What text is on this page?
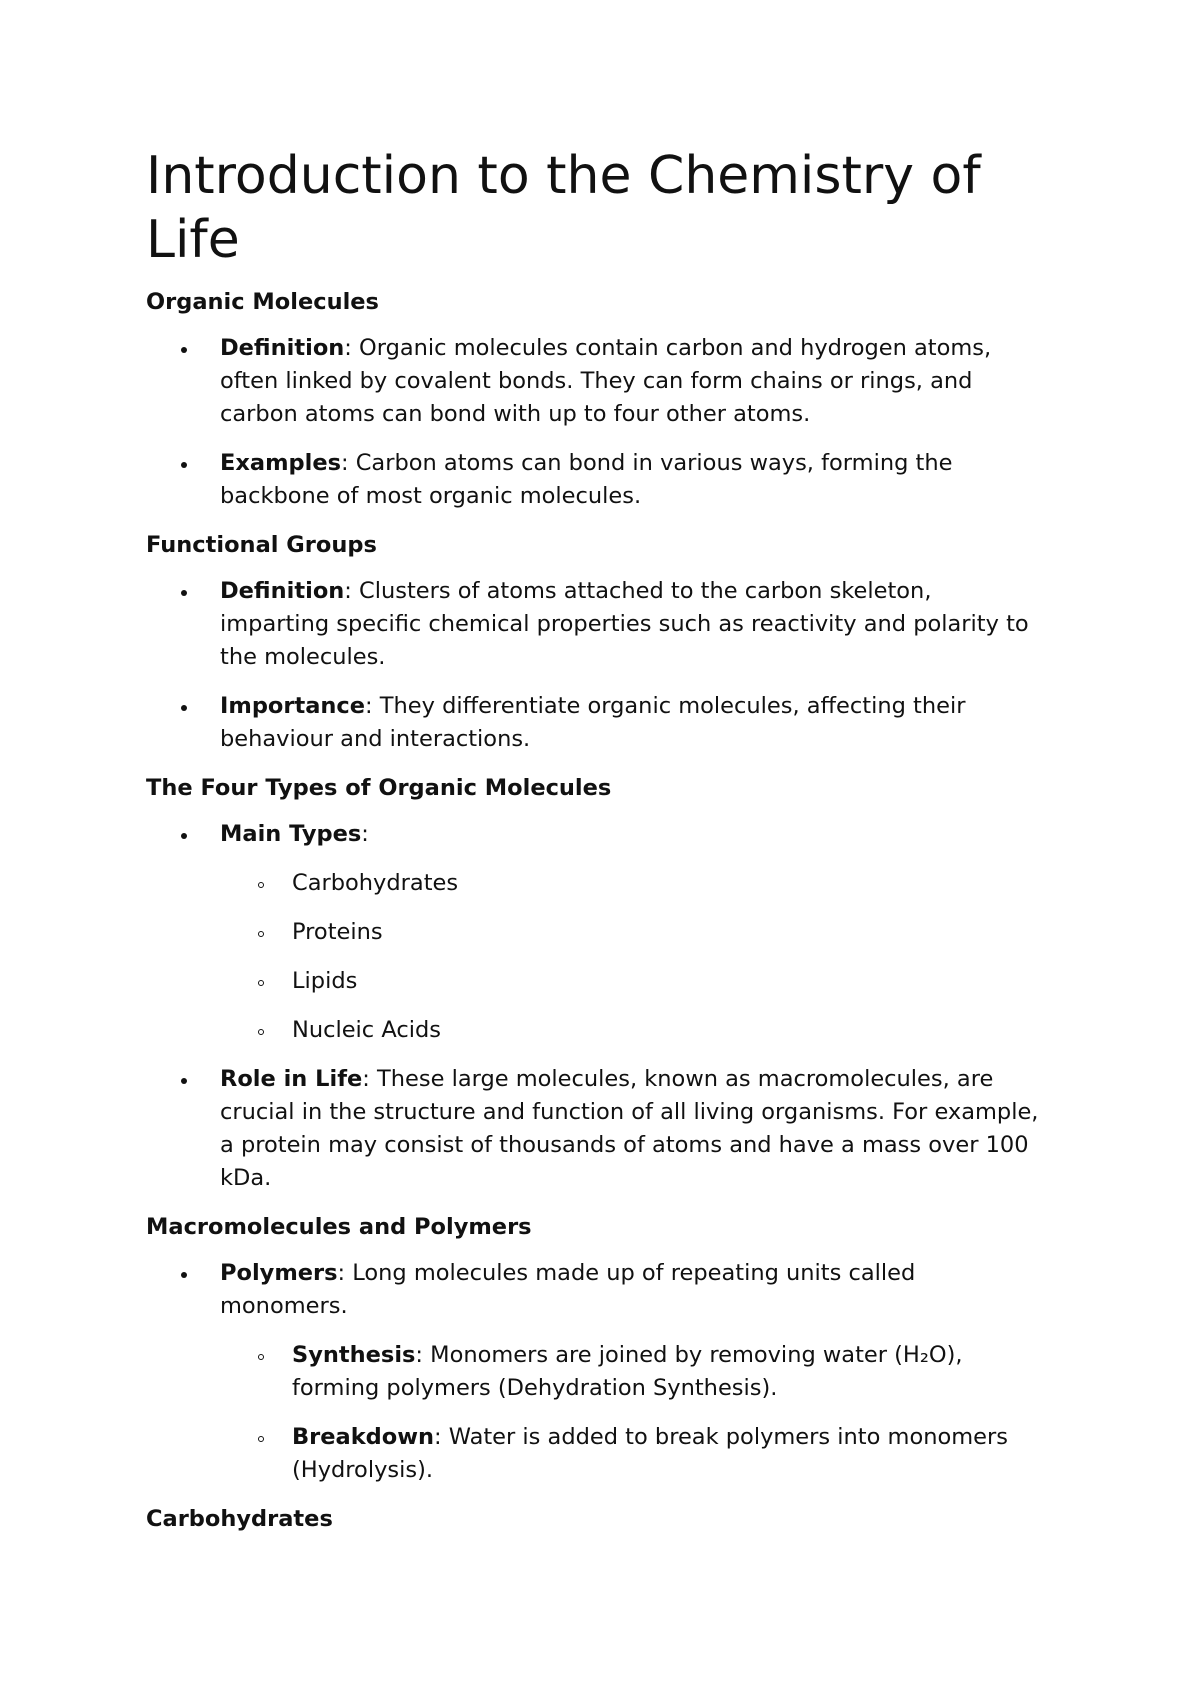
Introduction to the Chemistry of Life
Organic Molecules
Definition: Organic molecules contain carbon and hydrogen atoms, often linked by covalent bonds. They can form chains or rings, and carbon atoms can bond with up to four other atoms.
Examples: Carbon atoms can bond in various ways, forming the backbone of most organic molecules.
Functional Groups
Definition: Clusters of atoms attached to the carbon skeleton, imparting specific chemical properties such as reactivity and polarity to the molecules.
Importance: They differentiate organic molecules, affecting their behaviour and interactions.
The Four Types of Organic Molecules
Main Types:
Carbohydrates
Proteins
Lipids
Nucleic Acids
Role in Life: These large molecules, known as macromolecules, are crucial in the structure and function of all living organisms. For example, a protein may consist of thousands of atoms and have a mass over 100 kDa.
Macromolecules and Polymers
Polymers: Long molecules made up of repeating units called monomers.
Synthesis: Monomers are joined by removing water (H₂O), forming polymers (Dehydration Synthesis).
Breakdown: Water is added to break polymers into monomers (Hydrolysis).
Carbohydrates
